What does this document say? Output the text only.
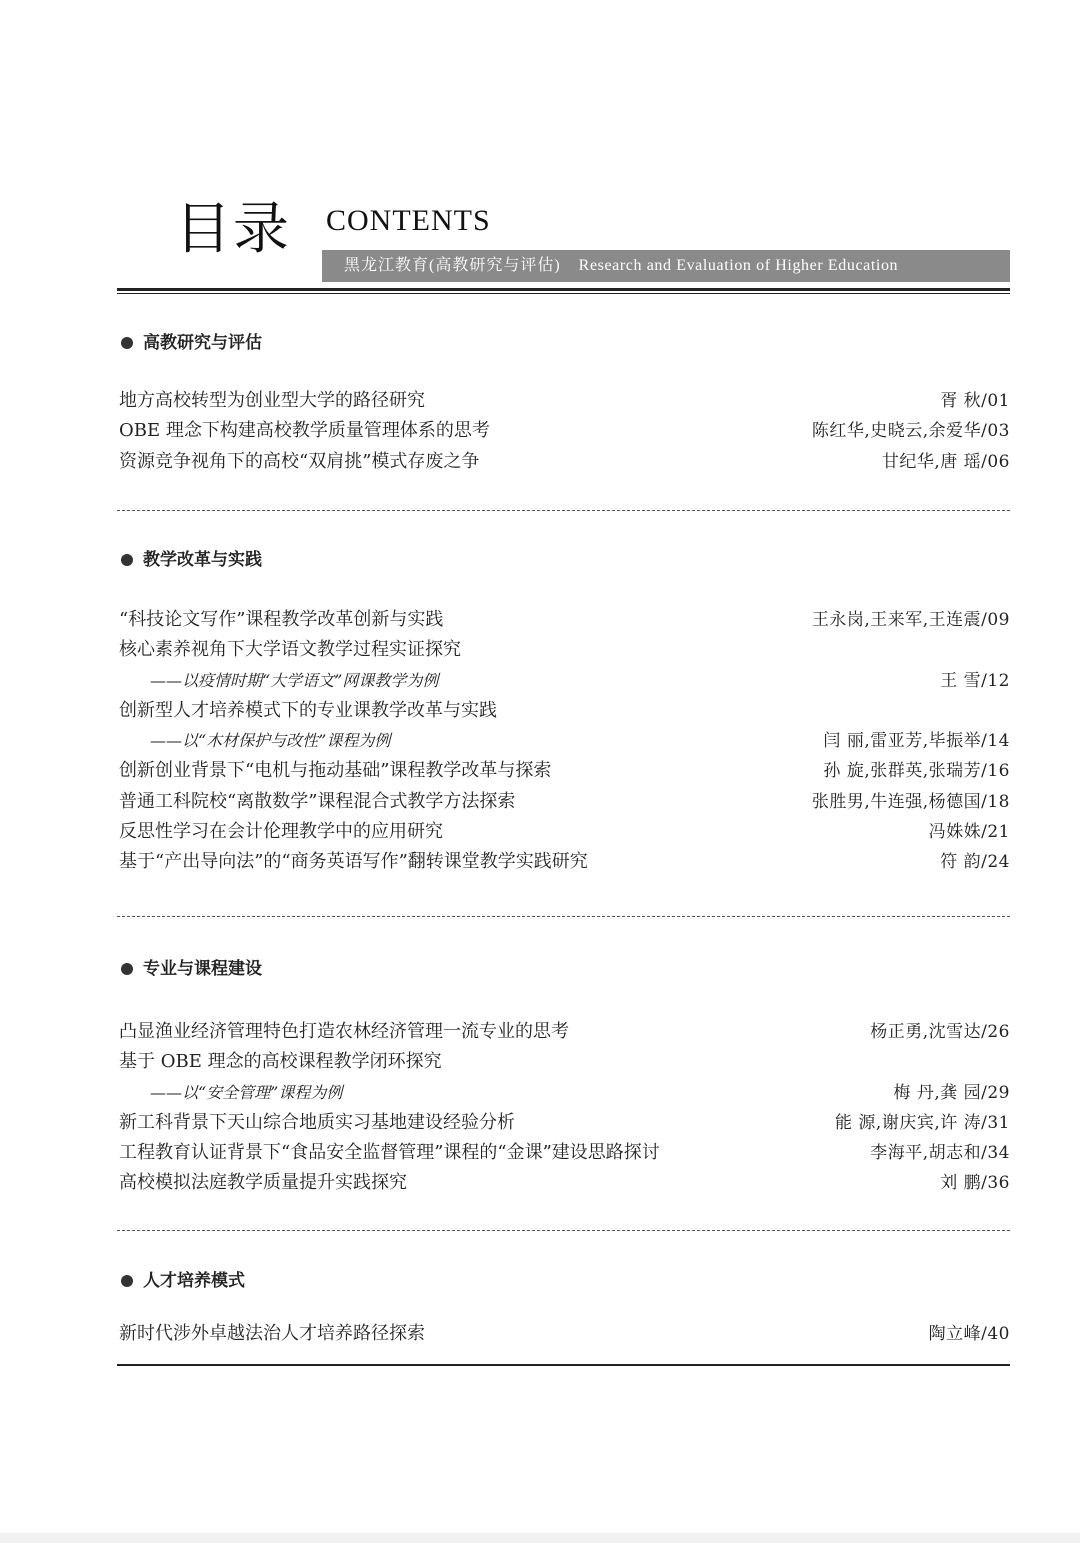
目录 CONTENTS
黑龙江教育(高教研究与评估) Research and Evaluation of Higher Education
高教研究与评估
地方高校转型为创业型大学的路径研究	胥 秋/01
OBE 理念下构建高校教学质量管理体系的思考	陈红华,史晓云,余爱华/03
资源竞争视角下的高校“双肩挑”模式存废之争	甘纪华,唐 瑶/06
教学改革与实践
“科技论文写作”课程教学改革创新与实践	王永岗,王来军,王连震/09
核心素养视角下大学语文教学过程实证探究
——以疫情时期“大学语文”网课教学为例	王 雪/12
创新型人才培养模式下的专业课教学改革与实践
——以“木材保护与改性”课程为例	闫 丽,雷亚芳,毕振举/14
创新创业背景下“电机与拖动基础”课程教学改革与探索	孙 旋,张群英,张瑞芳/16
普通工科院校“离散数学”课程混合式教学方法探索	张胜男,牛连强,杨德国/18
反思性学习在会计伦理教学中的应用研究	冯姝姝/21
基于“产出导向法”的“商务英语写作”翻转课堂教学实践研究	符 韵/24
专业与课程建设
凸显渔业经济管理特色打造农林经济管理一流专业的思考	杨正勇,沈雪达/26
基于 OBE 理念的高校课程教学闭环探究
——以“安全管理”课程为例	梅 丹,龚 园/29
新工科背景下天山综合地质实习基地建设经验分析	能 源,谢庆宾,许 涛/31
工程教育认证背景下“食品安全监督管理”课程的“金课”建设思路探讨	李海平,胡志和/34
高校模拟法庭教学质量提升实践探究	刘 鹏/36
人才培养模式
新时代涉外卓越法治人才培养路径探索	陶立峰/40
